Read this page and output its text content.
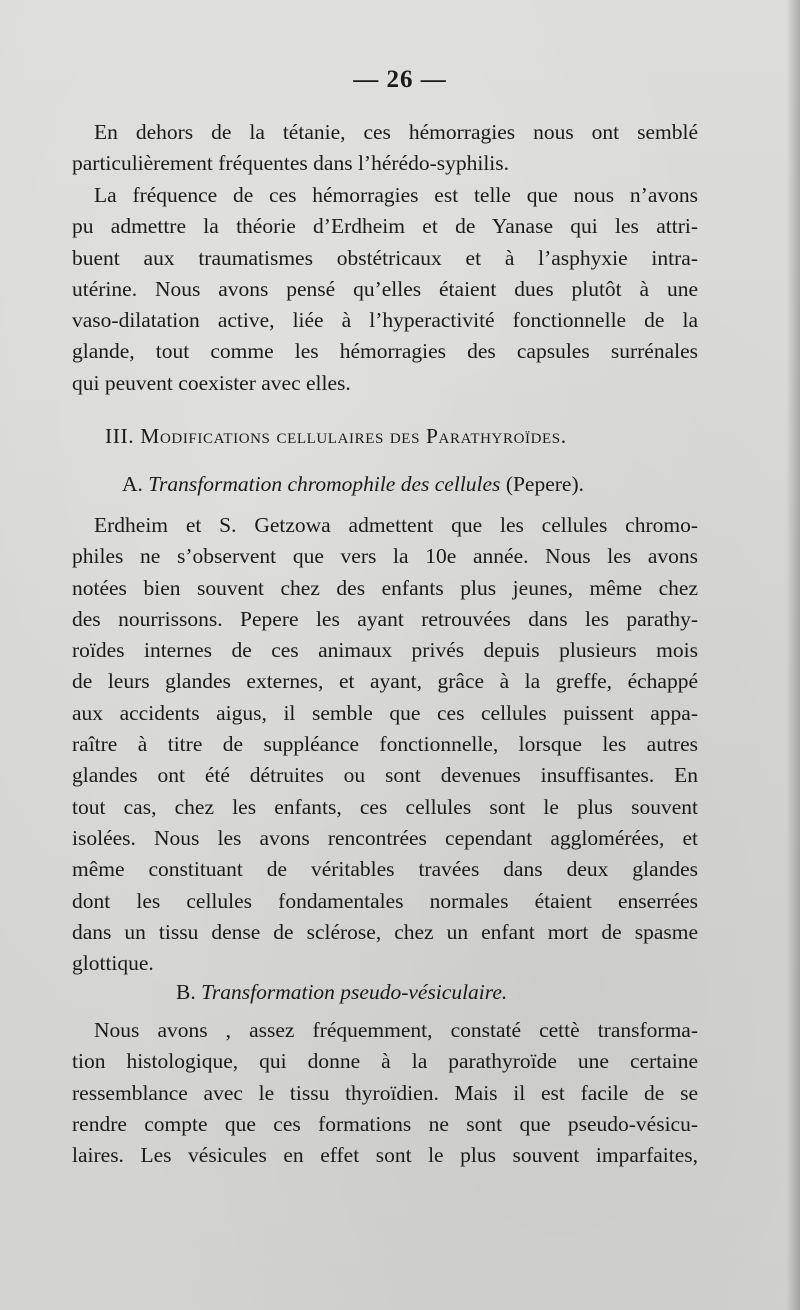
— 26 —
En dehors de la tétanie, ces hémorragies nous ont semblé
particulièrement fréquentes dans l’hérédo-syphilis.
La fréquence de ces hémorragies est telle que nous n’avons
pu admettre la théorie d’Erdheim et de Yanase qui les attri-
buent aux traumatismes obstétricaux et à l’asphyxie intra-
utérine. Nous avons pensé qu’elles étaient dues plutôt à une
vaso-dilatation active, liée à l’hyperactivité fonctionnelle de la
glande, tout comme les hémorragies des capsules surrénales
qui peuvent coexister avec elles.
III. Modifications cellulaires des Parathyroïdes.
A. Transformation chromophile des cellules (Pepere).
Erdheim et S. Getzowa admettent que les cellules chromo-
philes ne s’observent que vers la 10e année. Nous les avons
notées bien souvent chez des enfants plus jeunes, même chez
des nourrissons. Pepere les ayant retrouvées dans les parathy-
roïdes internes de ces animaux privés depuis plusieurs mois
de leurs glandes externes, et ayant, grâce à la greffe, échappé
aux accidents aigus, il semble que ces cellules puissent appa-
raître à titre de suppléance fonctionnelle, lorsque les autres
glandes ont été détruites ou sont devenues insuffisantes. En
tout cas, chez les enfants, ces cellules sont le plus souvent
isolées. Nous les avons rencontrées cependant agglomérées, et
même constituant de véritables travées dans deux glandes
dont les cellules fondamentales normales étaient enserrées
dans un tissu dense de sclérose, chez un enfant mort de spasme
glottique.
B. Transformation pseudo-vésiculaire.
Nous avons , assez fréquemment, constaté cettè transforma-
tion histologique, qui donne à la parathyroïde une certaine
ressemblance avec le tissu thyroïdien. Mais il est facile de se
rendre compte que ces formations ne sont que pseudo-vésicu-
laires. Les vésicules en effet sont le plus souvent imparfaites,
